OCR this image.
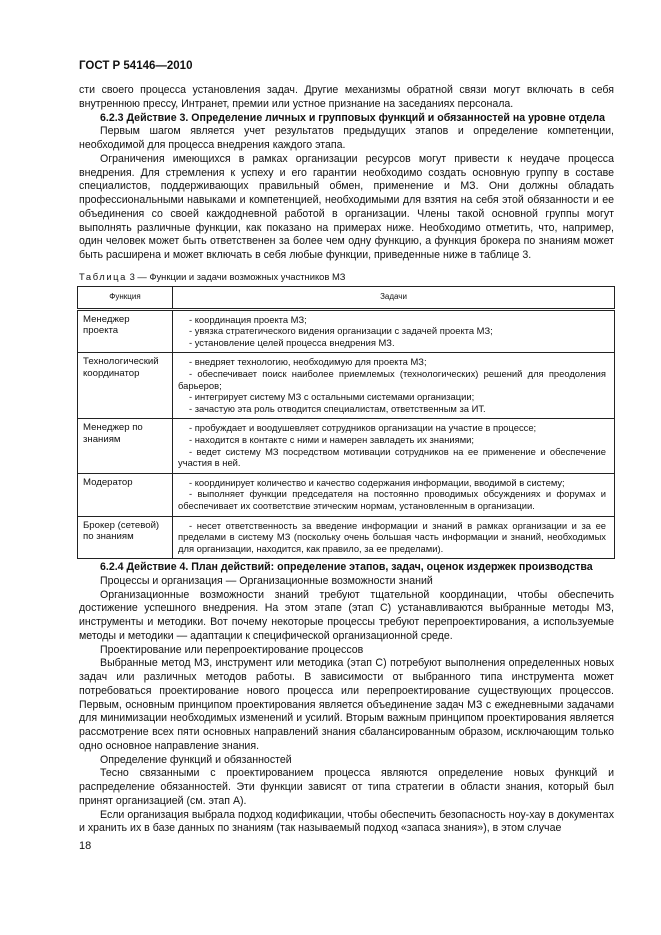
ГОСТ Р 54146—2010

сти своего процесса установления задач. Другие механизмы обратной связи могут включать в себя внутреннюю прессу, Интранет, премии или устное признание на заседаниях персонала.

6.2.3 Действие 3. Определение личных и групповых функций и обязанностей на уровне отдела

Первым шагом является учет результатов предыдущих этапов и определение компетенции, необходимой для процесса внедрения каждого этапа.

Ограничения имеющихся в рамках организации ресурсов могут привести к неудаче процесса внедрения. Для стремления к успеху и его гарантии необходимо создать основную группу в составе специалистов, поддерживающих правильный обмен, применение и МЗ. Они должны обладать профессиональными навыками и компетенцией, необходимыми для взятия на себя этой обязанности и ее объединения со своей каждодневной работой в организации. Члены такой основной группы могут выполнять различные функции, как показано на примерах ниже. Необходимо отметить, что, например, один человек может быть ответственен за более чем одну функцию, а функция брокера по знаниям может быть расширена и может включать в себя любые функции, приведенные ниже в таблице 3.

Таблица 3 — Функции и задачи возможных участников МЗ
Функция	Задачи
Менеджер проекта	- координация проекта МЗ;
- увязка стратегического видения организации с задачей проекта МЗ;
- установление целей процесса внедрения МЗ.

Технологический координатор	- внедряет технологию, необходимую для проекта МЗ;
- обеспечивает поиск наиболее приемлемых (технологических) решений для преодоления барьеров;
- интегрирует систему МЗ с остальными системами организации;
- зачастую эта роль отводится специалистам, ответственным за ИТ.

Менеджер по знаниям	- пробуждает и воодушевляет сотрудников организации на участие в процессе;
- находится в контакте с ними и намерен завладеть их знаниями;
- ведет систему МЗ посредством мотивации сотрудников на ее применение и обеспечение участия в ней.

Модератор	- координирует количество и качество содержания информации, вводимой в систему;
- выполняет функции председателя на постоянно проводимых обсуждениях и форумах и обеспечивает их соответствие этическим нормам, установленным в организации.

Брокер (сетевой) по знаниям	- несет ответственность за введение информации и знаний в рамках организации и за ее пределами в систему МЗ (поскольку очень большая часть информации и знаний, необходимых для организации, находится, как правило, за ее пределами).

6.2.4 Действие 4. План действий: определение этапов, задач, оценок издержек производства

Процессы и организация — Организационные возможности знаний

Организационные возможности знаний требуют тщательной координации, чтобы обеспечить достижение успешного внедрения. На этом этапе (этап С) устанавливаются выбранные методы МЗ, инструменты и методики. Вот почему некоторые процессы требуют перепроектирования, а используемые методы и методики — адаптации к специфической организационной среде.

Проектирование или перепроектирование процессов

Выбранные метод МЗ, инструмент или методика (этап С) потребуют выполнения определенных новых задач или различных методов работы. В зависимости от выбранного типа инструмента может потребоваться проектирование нового процесса или перепроектирование существующих процессов. Первым, основным принципом проектирования является объединение задач МЗ с ежедневными задачами для минимизации необходимых изменений и усилий. Вторым важным принципом проектирования является рассмотрение всех пяти основных направлений знания сбалансированным образом, исключающим только одно основное направление знания.

Определение функций и обязанностей

Тесно связанными с проектированием процесса являются определение новых функций и распределение обязанностей. Эти функции зависят от типа стратегии в области знания, который был принят организацией (см. этап А).

Если организация выбрала подход кодификации, чтобы обеспечить безопасность ноу-хау в документах и хранить их в базе данных по знаниям (так называемый подход «запаса знания»), в этом случае

18
